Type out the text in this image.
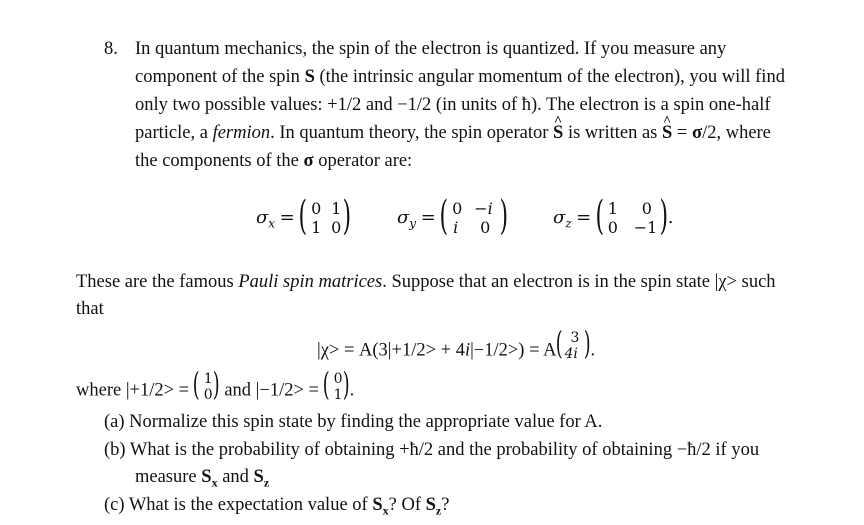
8. In quantum mechanics, the spin of the electron is quantized. If you measure any
component of the spin S (the intrinsic angular momentum of the electron), you will find
only two possible values: +1/2 and −1/2 (in units of ħ). The electron is a spin one-half
particle, a fermion. In quantum theory, the spin operator ^ S is written as ^ S = σ/2, where
the components of the σ operator are:
$\sigma_x$ = ( 0 1
1 0 )	$\sigma_y$ = ( 0 −i
i 0 ) $\sigma_z$ = ( 1 0
0 −1 ) .
These are the famous Pauli spin matrices. Suppose that an electron is in the spin state |χ> such
that
|χ> = A(3|+1/2> + 4i|−1/2>) = A
( 3
4i ) .
where |+1/2> =
( 1
0 ) and |−1/2> =
( 0
1 ) .
(a) Normalize this spin state by finding the appropriate value for A.
(b) What is the probability of obtaining +ħ/2 and the probability of obtaining −ħ/2 if you
measure $S_x$ and $S_z$
(c) What is the expectation value of $S_x$? Of $S_z$?
